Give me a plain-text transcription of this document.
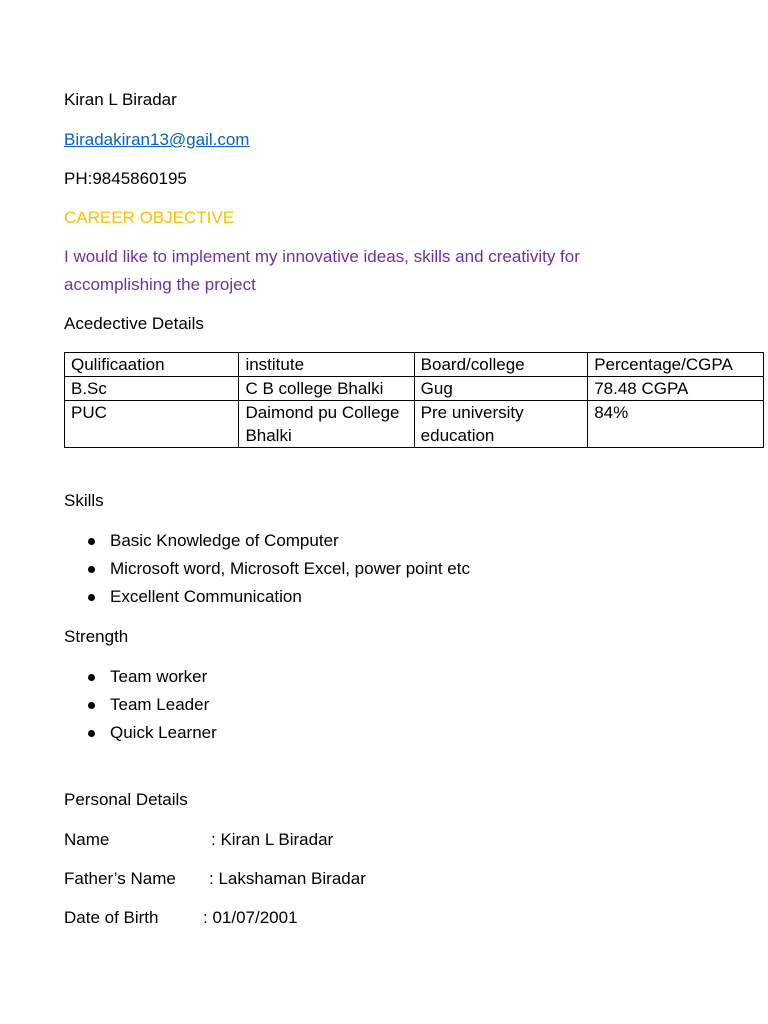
Kiran L Biradar
Biradakiran13@gail.com
PH:9845860195
CAREER OBJECTIVE
I would like to implement my innovative ideas, skills and creativity for
accomplishing the project
Acedective Details
Qulificaation	institute	Board/college	Percentage/CGPA
B.Sc	C B college Bhalki	Gug	78.48 CGPA
PUC	Daimond pu College Bhalki	Pre university education	84%
Skills
Basic Knowledge of Computer
Microsoft word, Microsoft Excel, power point etc
Excellent Communication
Strength
Team worker
Team Leader
Quick Learner
Personal Details
Name	: Kiran L Biradar
Father’s Name : Lakshaman Biradar
Date of Birth	: 01/07/2001
